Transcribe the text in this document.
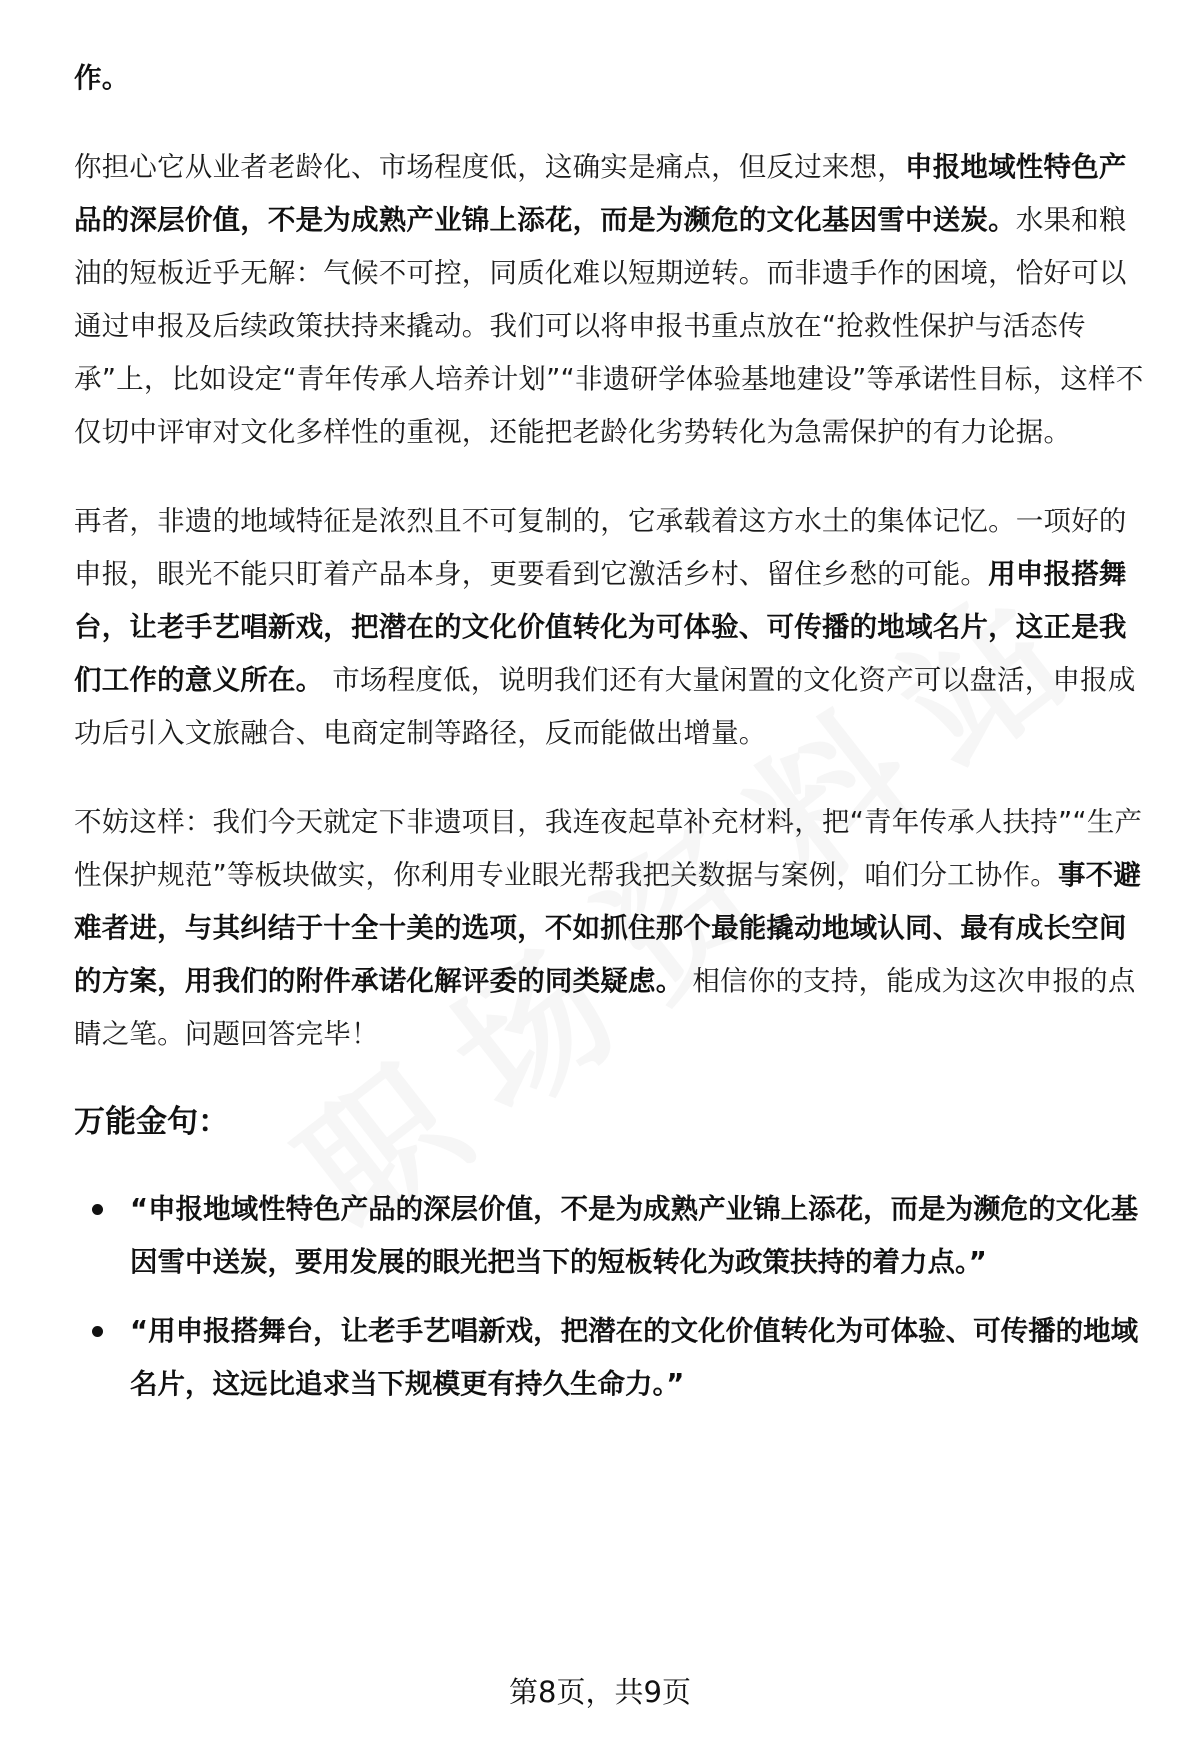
作。

你担心它从业者老龄化、市场程度低，这确实是痛点，但反过来想，申报地域性特色产品的深层价值，不是为成熟产业锦上添花，而是为濒危的文化基因雪中送炭。水果和粮油的短板近乎无解：气候不可控，同质化难以短期逆转。而非遗手作的困境，恰好可以通过申报及后续政策扶持来撬动。我们可以将申报书重点放在“抢救性保护与活态传承”上，比如设定“青年传承人培养计划”“非遗研学体验基地建设”等承诺性目标，这样不仅切中评审对文化多样性的重视，还能把老龄化劣势转化为急需保护的有力论据。

再者，非遗的地域特征是浓烈且不可复制的，它承载着这方水土的集体记忆。一项好的申报，眼光不能只盯着产品本身，更要看到它激活乡村、留住乡愁的可能。用申报搭舞台，让老手艺唱新戏，把潜在的文化价值转化为可体验、可传播的地域名片，这正是我们工作的意义所在。 市场程度低，说明我们还有大量闲置的文化资产可以盘活，申报成功后引入文旅融合、电商定制等路径，反而能做出增量。

不妨这样：我们今天就定下非遗项目，我连夜起草补充材料，把“青年传承人扶持”“生产性保护规范”等板块做实，你利用专业眼光帮我把关数据与案例，咱们分工协作。事不避难者进，与其纠结于十全十美的选项，不如抓住那个最能撬动地域认同、最有成长空间的方案，用我们的附件承诺化解评委的同类疑虑。 相信你的支持，能成为这次申报的点睛之笔。问题回答完毕！

万能金句：
“申报地域性特色产品的深层价值，不是为成熟产业锦上添花，而是为濒危的文化基因雪中送炭，要用发展的眼光把当下的短板转化为政策扶持的着力点。”
“用申报搭舞台，让老手艺唱新戏，把潜在的文化价值转化为可体验、可传播的地域名片，这远比追求当下规模更有持久生命力。”
第8页，共9页
